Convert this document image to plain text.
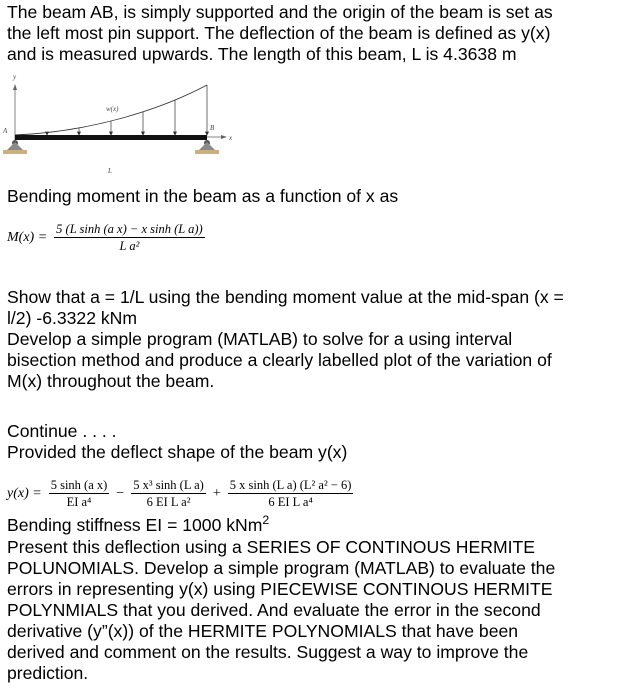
The beam AB, is simply supported and the origin of the beam is set as
the left most pin support. The deflection of the beam is defined as y(x)
and is measured upwards. The length of this beam, L is 4.3638 m
y
w(x)
x
A	B
L
Bending moment in the beam as a function of x as
$M(x) = \frac{\text{5 (L sinh (a x) − x sinh (L a))}}{\text{L a²}}$
Show that a = 1/L using the bending moment value at the mid-span (x =
l/2) -6.3322 kNm
Develop a simple program (MATLAB) to solve for a using interval
bisection method and produce a clearly labelled plot of the variation of
M(x) throughout the beam.
Continue . . . .
Provided the deflect shape of the beam y(x)
$y(x) = \frac{\text{5 sinh (a x)}}{\text{EI a⁴}} - \frac{\text{5 x³ sinh (L a)}}{\text{6 EI L a²}} + \frac{\text{5 x sinh (L a) (L² a² − 6)}}{\text{6 EI L a⁴}}$
Bending stiffness EI = 1000 kNm$^2$
Present this deflection using a SERIES OF CONTINOUS HERMITE
POLUNOMIALS. Develop a simple program (MATLAB) to evaluate the
errors in representing y(x) using PIECEWISE CONTINOUS HERMITE
POLYNMIALS that you derived. And evaluate the error in the second
derivative (y”(x)) of the HERMITE POLYNOMIALS that have been
derived and comment on the results. Suggest a way to improve the
prediction.
